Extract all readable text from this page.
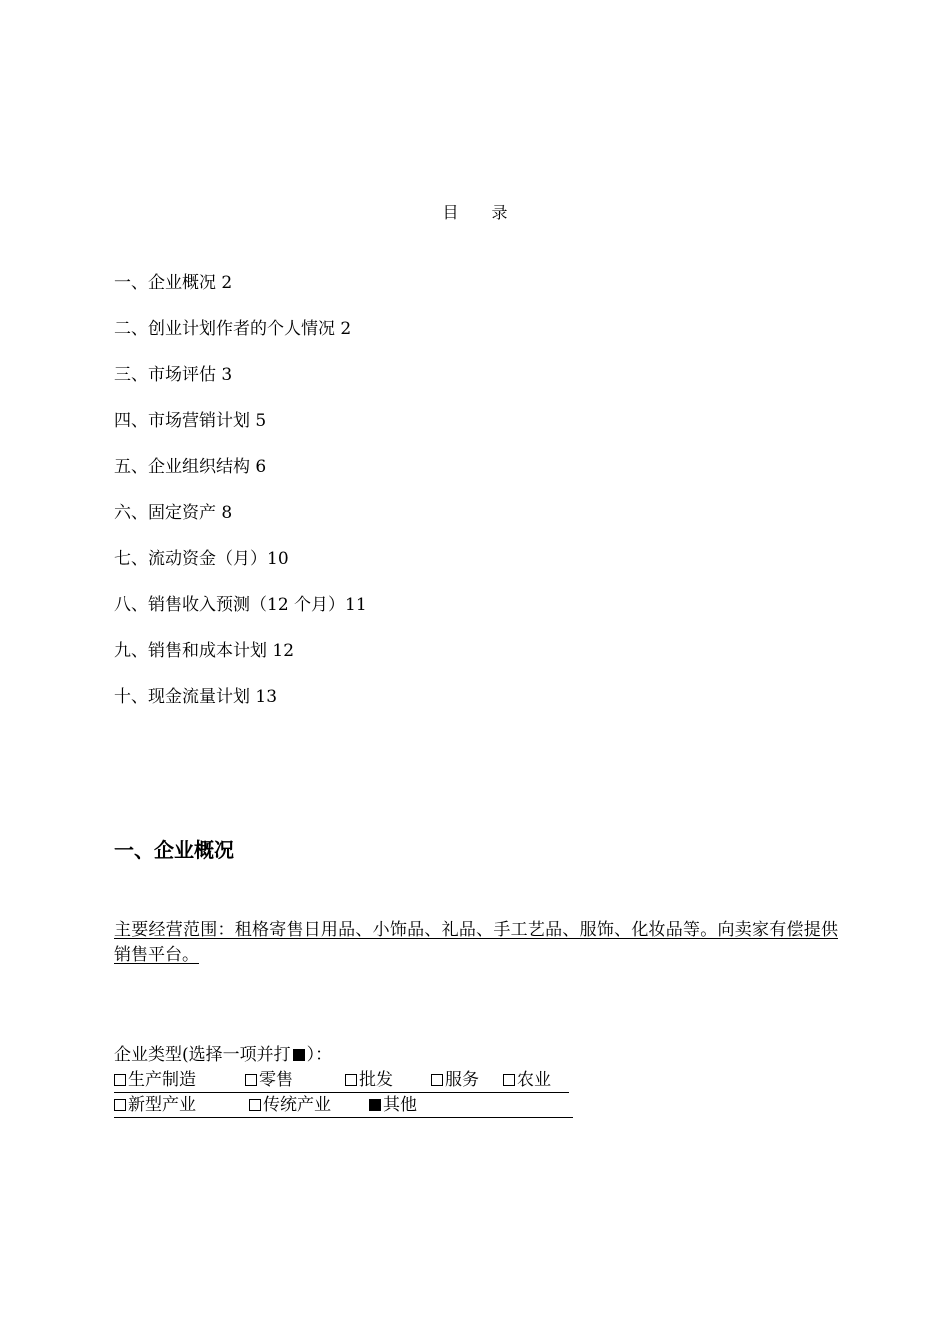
目 录
一、企业概况 2
二、创业计划作者的个人情况 2
三、市场评估 3
四、市场营销计划 5
五、企业组织结构 6
六、固定资产 8
七、流动资金（月）10
八、销售收入预测（12 个月）11
九、销售和成本计划 12
十、现金流量计划 13
一、企业概况

主要经营范围：租格寄售日用品、小饰品、礼品、手工艺品、服饰、化妆品等。向卖家有偿提供销售平台。

企业类型(选择一项并打 ）：
生产制造	零售	批发	服务 农业
新型产业	传统产业	其他
